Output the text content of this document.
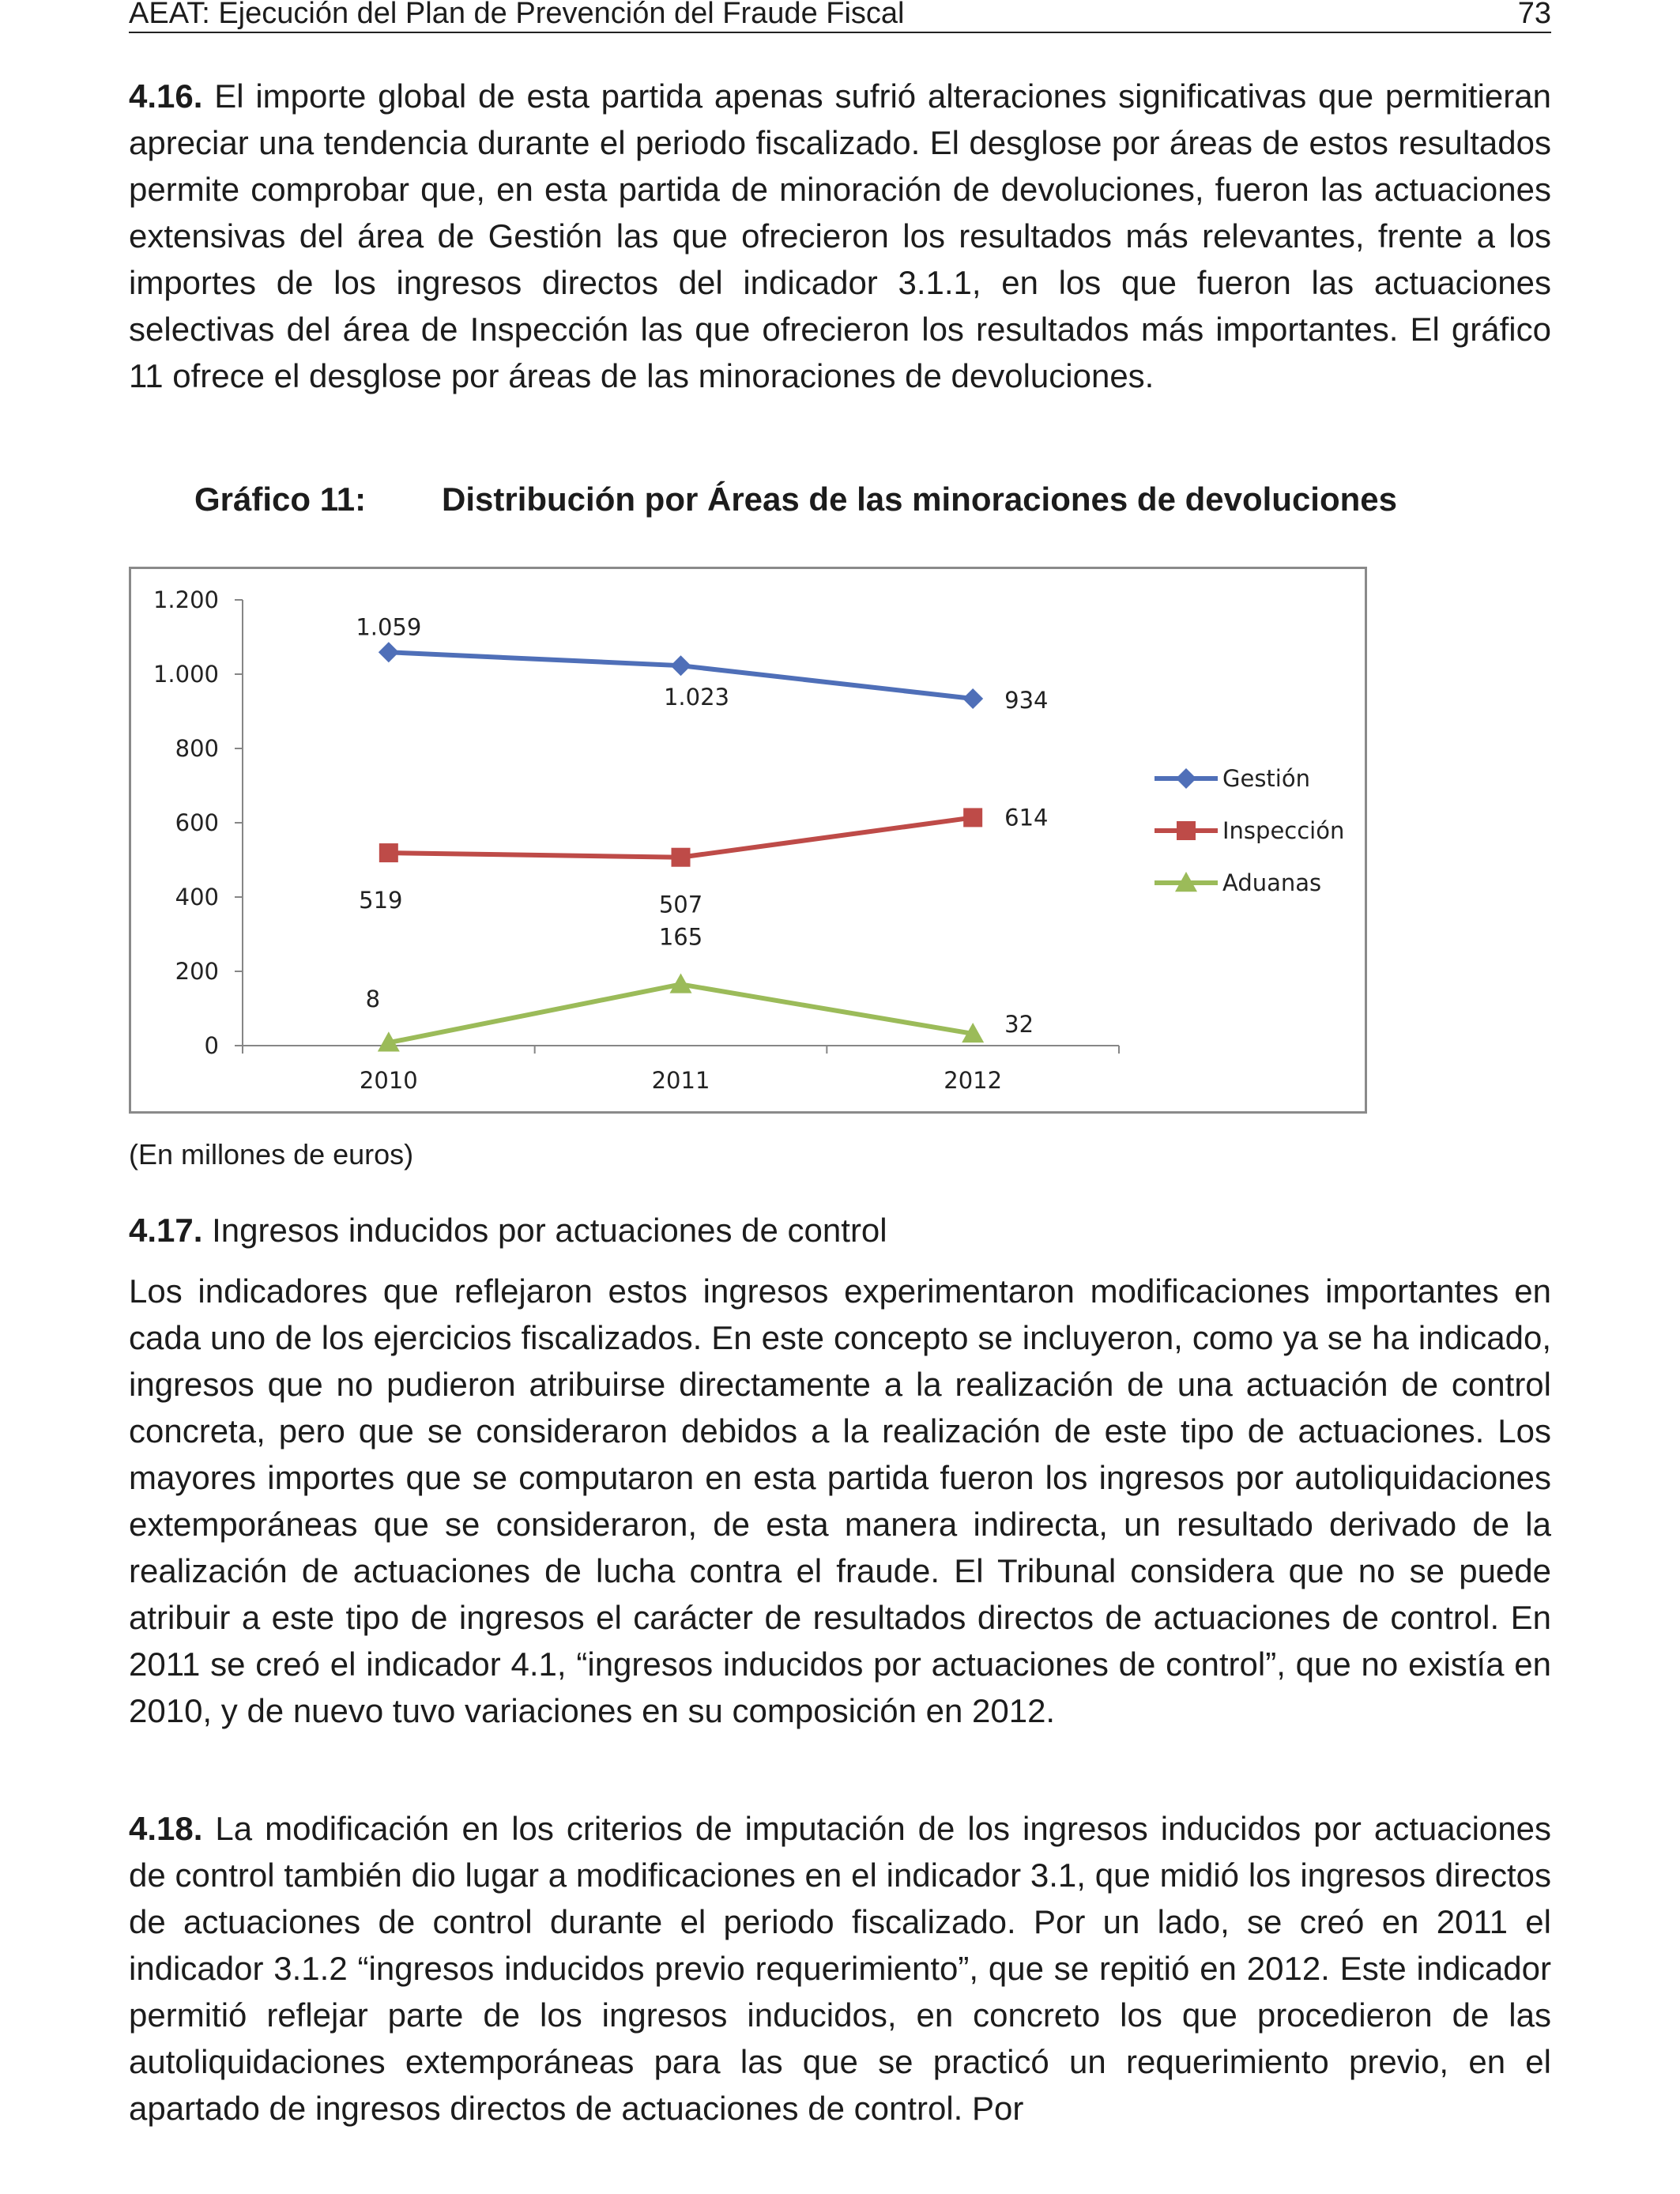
AEAT: Ejecución del Plan de Prevención del Fraude Fiscal	73

4.16. El importe global de esta partida apenas sufrió alteraciones significativas que permitieran apreciar una tendencia durante el periodo fiscalizado. El desglose por áreas de estos resultados permite comprobar que, en esta partida de minoración de devoluciones, fueron las actuaciones extensivas del área de Gestión las que ofrecieron los resultados más relevantes, frente a los importes de los ingresos directos del indicador 3.1.1, en los que fueron las actuaciones selectivas del área de Inspección las que ofrecieron los resultados más importantes. El gráfico 11 ofrece el desglose por áreas de las minoraciones de devoluciones.

Gráfico 11: Distribución por Áreas de las minoraciones de devoluciones
0
200
400
600
800
1.000
1.200
2010	2011	2012
1.059
1.023	934
519	507
614
8
165
32
Gestión
Inspección
Aduanas
(En millones de euros)
4.17. Ingresos inducidos por actuaciones de control

Los indicadores que reflejaron estos ingresos experimentaron modificaciones importantes en cada uno de los ejercicios fiscalizados. En este concepto se incluyeron, como ya se ha indicado, ingresos que no pudieron atribuirse directamente a la realización de una actuación de control concreta, pero que se consideraron debidos a la realización de este tipo de actuaciones. Los mayores importes que se computaron en esta partida fueron los ingresos por autoliquidaciones extemporáneas que se consideraron, de esta manera indirecta, un resultado derivado de la realización de actuaciones de lucha contra el fraude. El Tribunal considera que no se puede atribuir a este tipo de ingresos el carácter de resultados directos de actuaciones de control. En 2011 se creó el indicador 4.1, “ingresos inducidos por actuaciones de control”, que no existía en 2010, y de nuevo tuvo variaciones en su composición en 2012.

4.18. La modificación en los criterios de imputación de los ingresos inducidos por actuaciones de control también dio lugar a modificaciones en el indicador 3.1, que midió los ingresos directos de actuaciones de control durante el periodo fiscalizado. Por un lado, se creó en 2011 el indicador 3.1.2 “ingresos inducidos previo requerimiento”, que se repitió en 2012. Este indicador permitió reflejar parte de los ingresos inducidos, en concreto los que procedieron de las autoliquidaciones extemporáneas para las que se practicó un requerimiento previo, en el apartado de ingresos directos de actuaciones de control. Por
